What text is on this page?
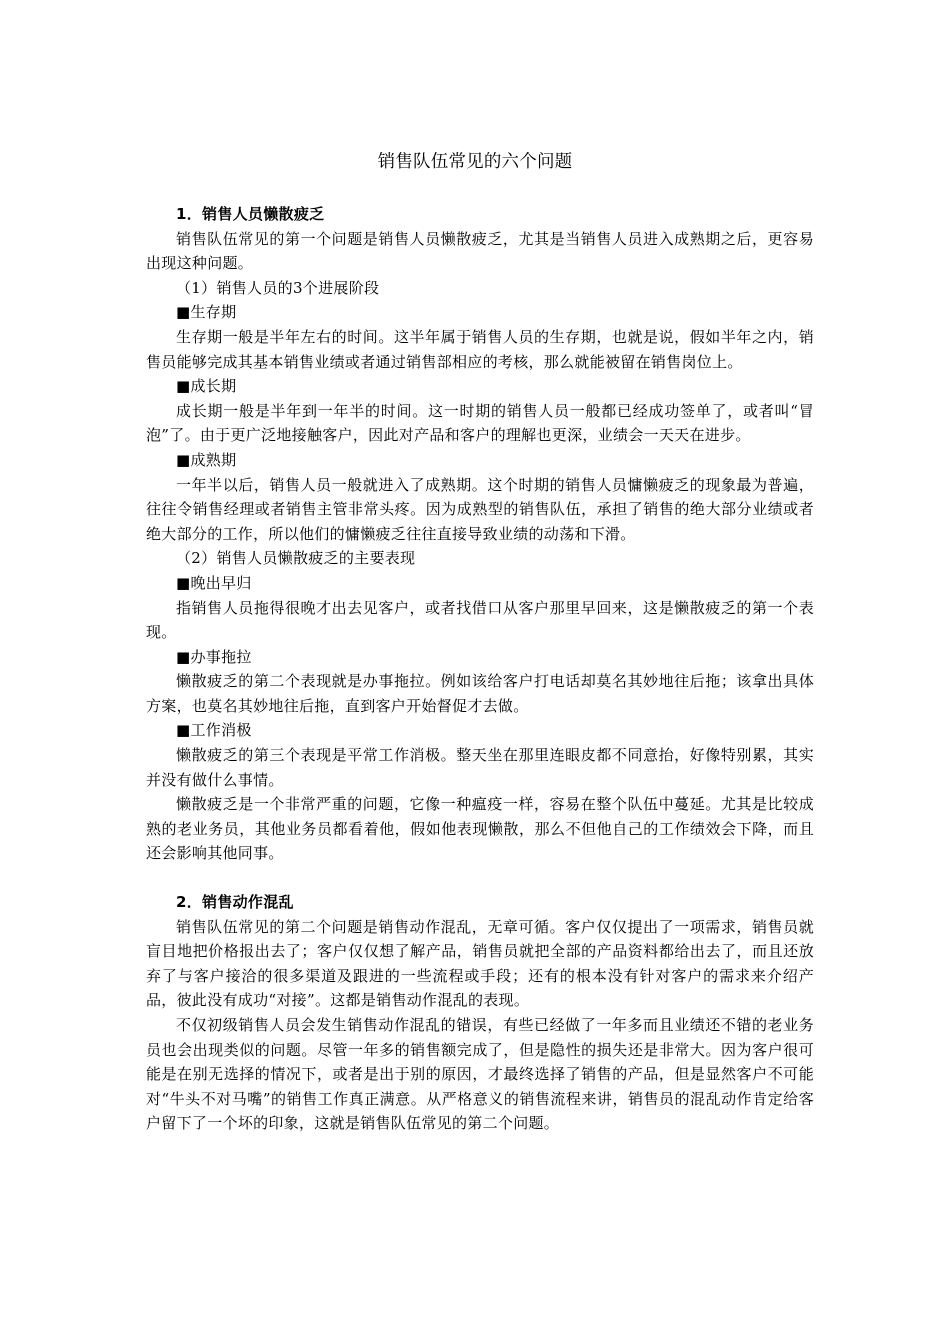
销售队伍常见的六个问题
1．销售人员懒散疲乏

销售队伍常见的第一个问题是销售人员懒散疲乏，尤其是当销售人员进入成熟期之后，更容易出现这种问题。

（1）销售人员的3个进展阶段

■生存期

生存期一般是半年左右的时间。这半年属于销售人员的生存期，也就是说，假如半年之内，销售员能够完成其基本销售业绩或者通过销售部相应的考核，那么就能被留在销售岗位上。

■成长期

成长期一般是半年到一年半的时间。这一时期的销售人员一般都已经成功签单了，或者叫“冒泡”了。由于更广泛地接触客户，因此对产品和客户的理解也更深，业绩会一天天在进步。

■成熟期

一年半以后，销售人员一般就进入了成熟期。这个时期的销售人员慵懒疲乏的现象最为普遍，往往令销售经理或者销售主管非常头疼。因为成熟型的销售队伍，承担了销售的绝大部分业绩或者绝大部分的工作，所以他们的慵懒疲乏往往直接导致业绩的动荡和下滑。

（2）销售人员懒散疲乏的主要表现

■晚出早归

指销售人员拖得很晚才出去见客户，或者找借口从客户那里早回来，这是懒散疲乏的第一个表现。

■办事拖拉

懒散疲乏的第二个表现就是办事拖拉。例如该给客户打电话却莫名其妙地往后拖；该拿出具体方案，也莫名其妙地往后拖，直到客户开始督促才去做。

■工作消极

懒散疲乏的第三个表现是平常工作消极。整天坐在那里连眼皮都不同意抬，好像特别累，其实并没有做什么事情。

懒散疲乏是一个非常严重的问题，它像一种瘟疫一样，容易在整个队伍中蔓延。尤其是比较成熟的老业务员，其他业务员都看着他，假如他表现懒散，那么不但他自己的工作绩效会下降，而且还会影响其他同事。

2．销售动作混乱

销售队伍常见的第二个问题是销售动作混乱，无章可循。客户仅仅提出了一项需求，销售员就盲目地把价格报出去了；客户仅仅想了解产品，销售员就把全部的产品资料都给出去了，而且还放弃了与客户接洽的很多渠道及跟进的一些流程或手段；还有的根本没有针对客户的需求来介绍产品，彼此没有成功“对接”。这都是销售动作混乱的表现。

不仅初级销售人员会发生销售动作混乱的错误，有些已经做了一年多而且业绩还不错的老业务员也会出现类似的问题。尽管一年多的销售额完成了，但是隐性的损失还是非常大。因为客户很可能是在别无选择的情况下，或者是出于别的原因，才最终选择了销售的产品，但是显然客户不可能对“牛头不对马嘴”的销售工作真正满意。从严格意义的销售流程来讲，销售员的混乱动作肯定给客户留下了一个坏的印象，这就是销售队伍常见的第二个问题。
